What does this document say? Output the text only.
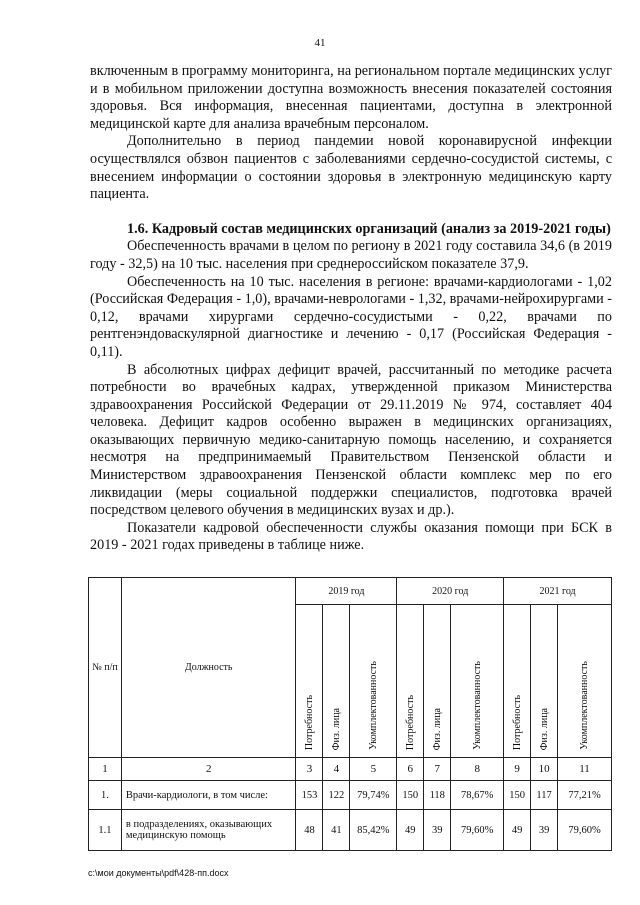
41

включенным в программу мониторинга, на региональном портале медицинских услуг и в мобильном приложении доступна возможность внесения показателей состояния здоровья. Вся информация, внесенная пациентами, доступна в электронной медицинской карте для анализа врачебным персоналом.

Дополнительно в период пандемии новой коронавирусной инфекции осуществлялся обзвон пациентов с заболеваниями сердечно-сосудистой системы, с внесением информации о состоянии здоровья в электронную медицинскую карту пациента.

1.6. Кадровый состав медицинских организаций (анализ за 2019-2021 годы)

Обеспеченность врачами в целом по региону в 2021 году составила 34,6 (в 2019 году - 32,5) на 10 тыс. населения при среднероссийском показателе 37,9.

Обеспеченность на 10 тыс. населения в регионе: врачами-кардиологами - 1,02 (Российская Федерация - 1,0), врачами-неврологами - 1,32, врачами-нейрохирургами - 0,12, врачами хирургами сердечно-сосудистыми - 0,22, врачами по рентгенэндоваскулярной диагностике и лечению - 0,17 (Российская Федерация - 0,11).

В абсолютных цифрах дефицит врачей, рассчитанный по методике расчета потребности во врачебных кадрах, утвержденной приказом Министерства здравоохранения Российской Федерации от 29.11.2019 № 974, составляет 404 человека. Дефицит кадров особенно выражен в медицинских организациях, оказывающих первичную медико-санитарную помощь населению, и сохраняется несмотря на предпринимаемый Правительством Пензенской области и Министерством здравоохранения Пензенской области комплекс мер по его ликвидации (меры социальной поддержки специалистов, подготовка врачей посредством целевого обучения в медицинских вузах и др.).

Показатели кадровой обеспеченности службы оказания помощи при БСК в 2019 - 2021 годах приведены в таблице ниже.

№ п/п	Должность	2019 год			2020 год			2021 год		
		Потребность	Физ. лица	Укомплектованность	Потребность	Физ. лица	Укомплектованность	Потребность	Физ. лица	Укомплектованность
1	2	3	4	5	6	7	8	9	10	11
1.	Врачи-кардиологи, в том числе:	153	122	79,74%	150	118	78,67%	150	117	77,21%
1.1	в подразделениях, оказывающих медицинскую помощь	48	41	85,42%	49	39	79,60%	49	39	79,60%
c:\мои документы\pdf\428-пп.docx
